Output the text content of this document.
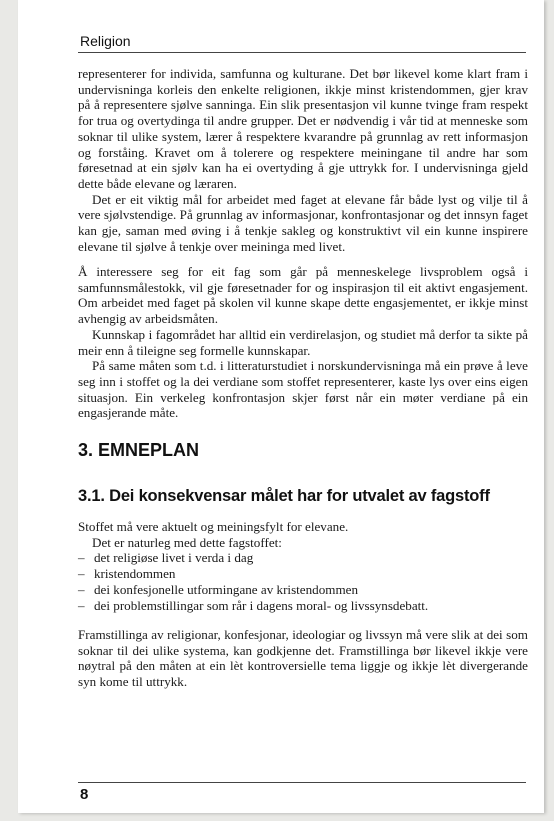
Religion

representerer for individa, samfunna og kulturane. Det bør likevel kome klart fram i undervisninga korleis den enkelte religionen, ikkje minst kristendommen, gjer krav på å representere sjølve sanninga. Ein slik presentasjon vil kunne tvinge fram respekt for trua og overtydinga til andre grupper. Det er nødvendig i vår tid at menneske som soknar til ulike system, lærer å respektere kvarandre på grunnlag av rett informasjon og forståing. Kravet om å tolerere og respektere meiningane til andre har som føresetnad at ein sjølv kan ha ei overtyding å gje uttrykk for. I undervisninga gjeld dette både elevane og læraren.

Det er eit viktig mål for arbeidet med faget at elevane får både lyst og vilje til å vere sjølvstendige. På grunnlag av informasjonar, konfrontasjonar og det innsyn faget kan gje, saman med øving i å tenkje sakleg og konstruktivt vil ein kunne inspirere elevane til sjølve å tenkje over meininga med livet.

Å interessere seg for eit fag som går på menneskelege livsproblem også i samfunnsmålestokk, vil gje føresetnader for og inspirasjon til eit aktivt engasjement. Om arbeidet med faget på skolen vil kunne skape dette engasjementet, er ikkje minst avhengig av arbeidsmåten.

Kunnskap i fagområdet har alltid ein verdirelasjon, og studiet må derfor ta sikte på meir enn å tileigne seg formelle kunnskapar.

På same måten som t.d. i litteraturstudiet i norskundervisninga må ein prøve å leve seg inn i stoffet og la dei verdiane som stoffet representerer, kaste lys over eins eigen situasjon. Ein verkeleg konfrontasjon skjer først når ein møter verdiane på ein engasjerande måte.

3. EMNEPLAN
3.1. Dei konsekvensar målet har for utvalet av fagstoff

Stoffet må vere aktuelt og meiningsfylt for elevane.

Det er naturleg med dette fagstoffet:

– det religiøse livet i verda i dag
– kristendommen
– dei konfesjonelle utformingane av kristendommen
– dei problemstillingar som rår i dagens moral- og livssynsdebatt.

Framstillinga av religionar, konfesjonar, ideologiar og livssyn må vere slik at dei som soknar til dei ulike systema, kan godkjenne det. Framstillinga bør likevel ikkje vere nøytral på den måten at ein lèt kontroversielle tema liggje og ikkje lèt divergerande syn kome til uttrykk.

8
